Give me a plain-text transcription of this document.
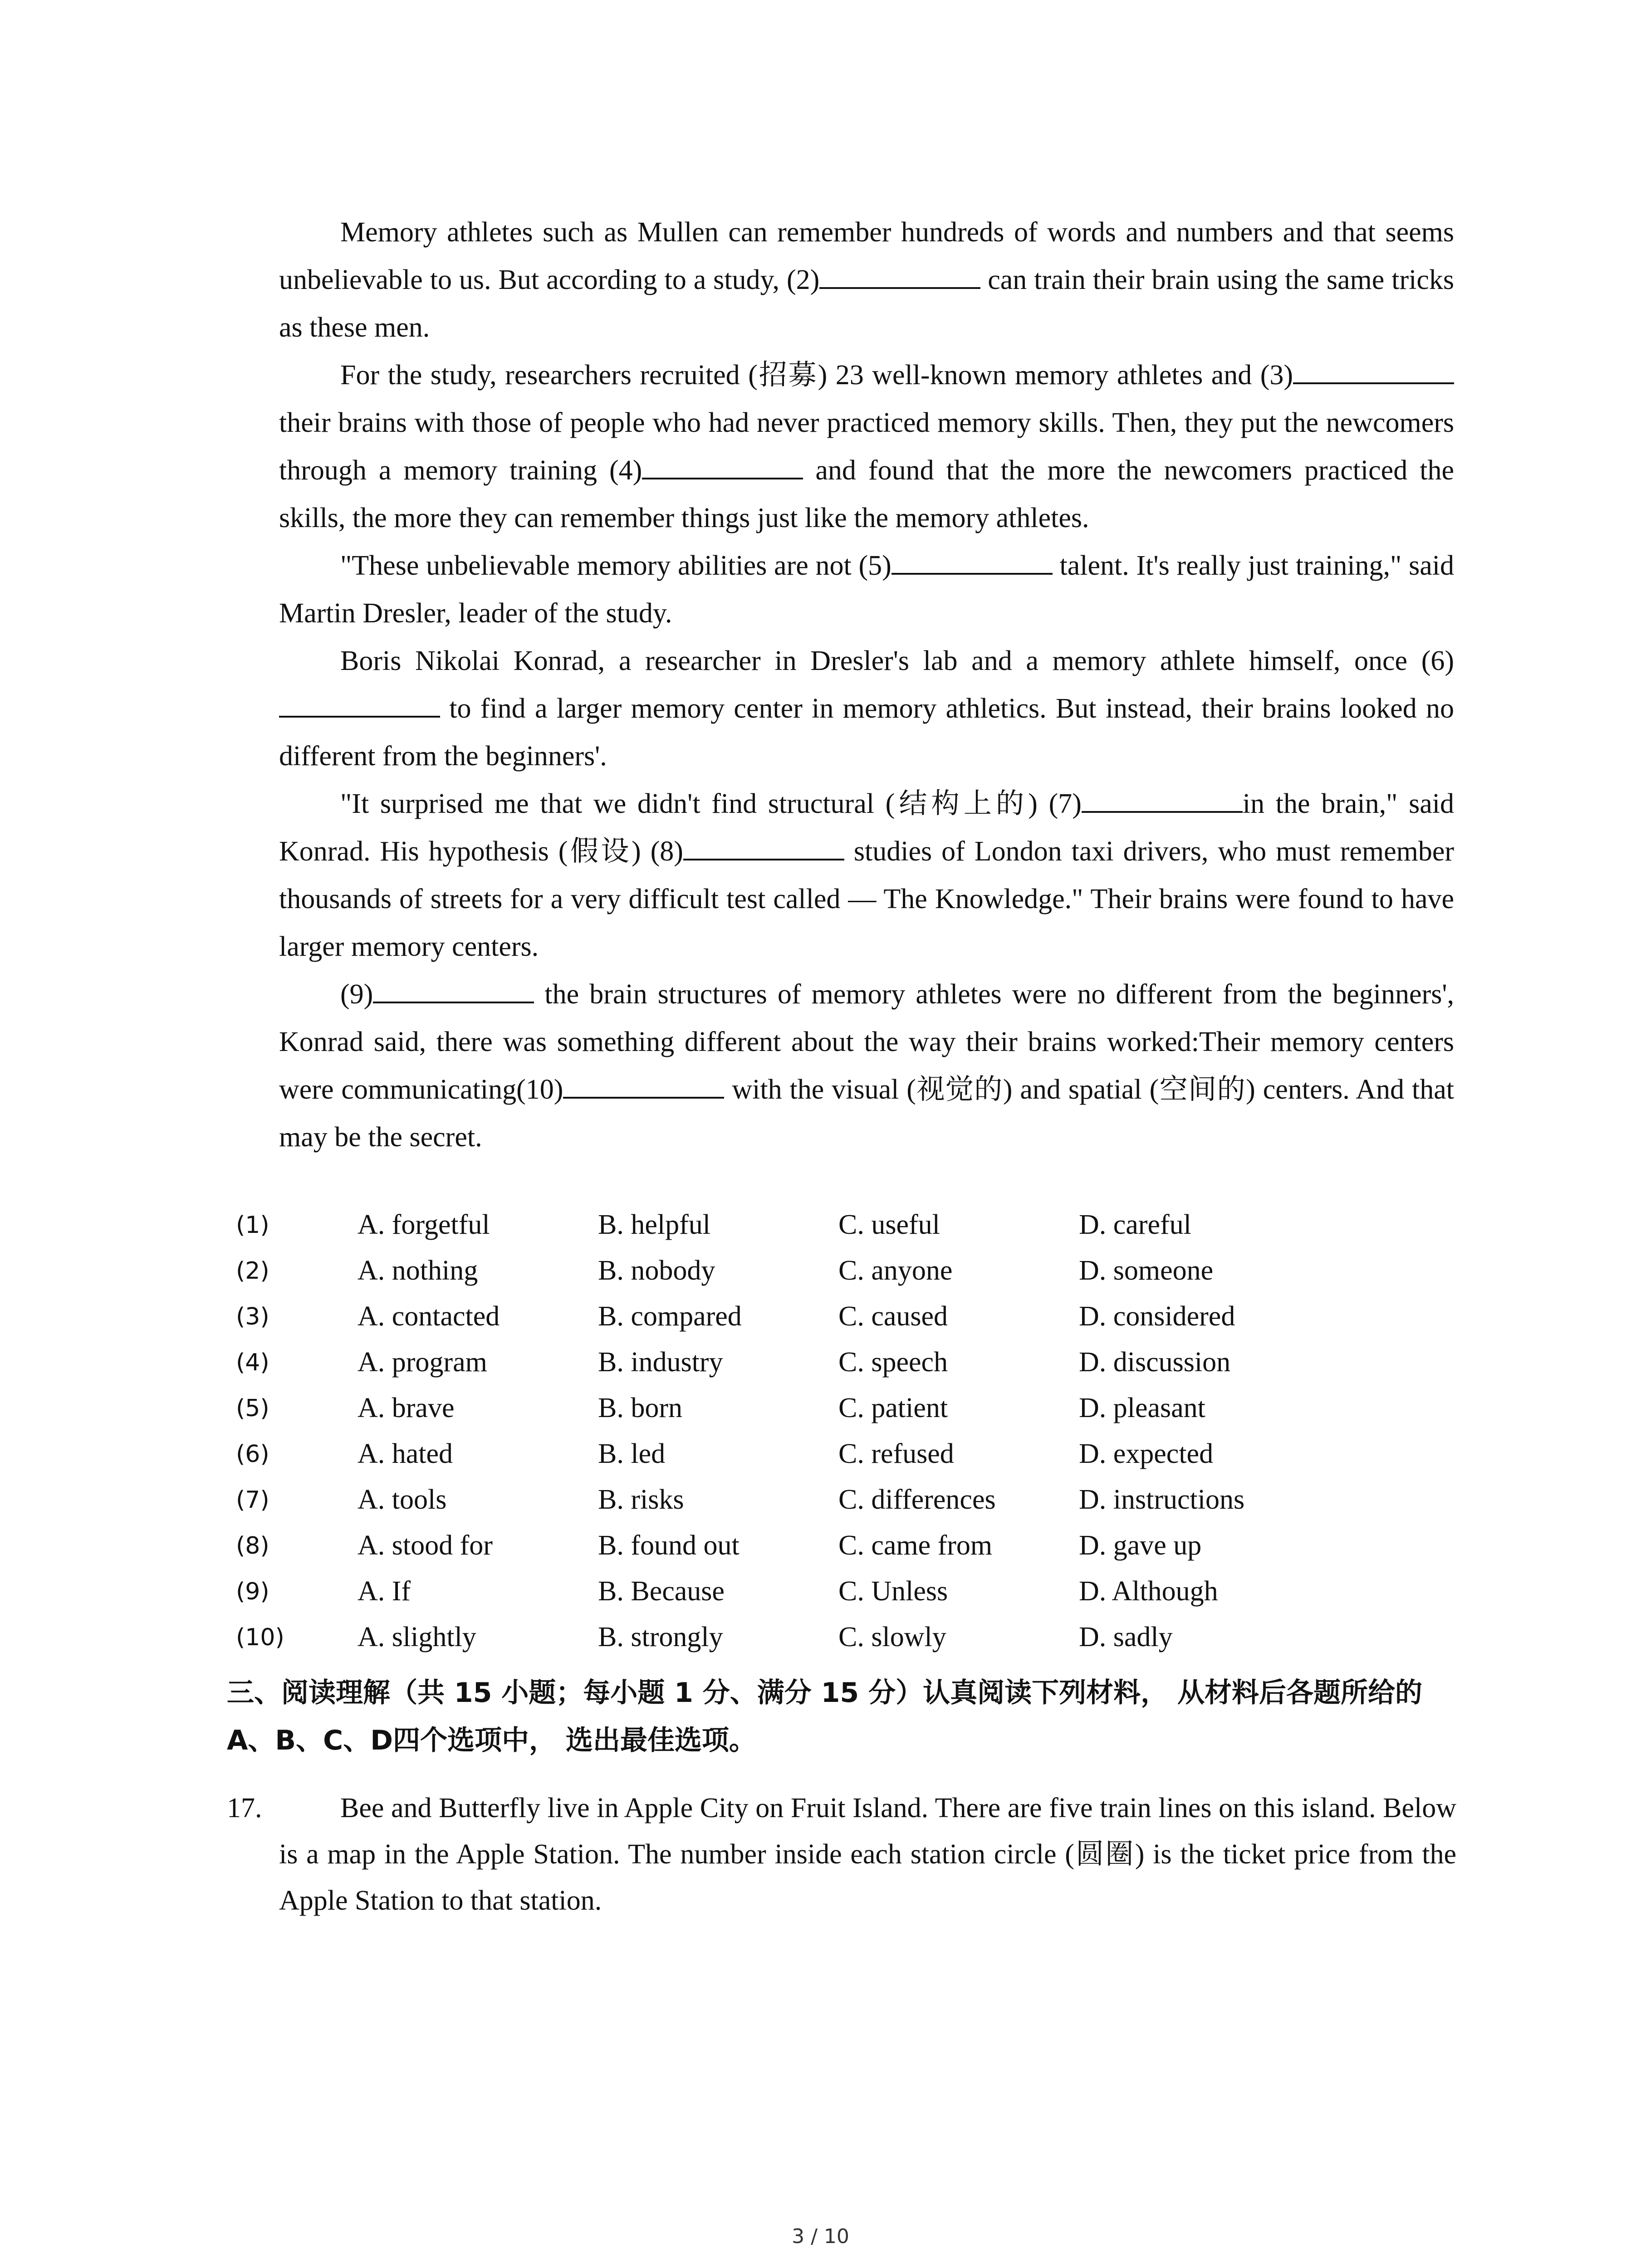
Memory athletes such as Mullen can remember hundreds of words and numbers and that seems unbelievable to us. But according to a study, (2)	can train their brain using the same tricks as these men.

For the study, researchers recruited (招募) 23 well-known memory athletes and (3) their brains with those of people who had never practiced memory skills. Then, they put the newcomers through a memory training (4)	and found that the more the newcomers practiced the skills, the more they can remember things just like the memory athletes.

"These unbelievable memory abilities are not (5)	talent. It's really just training," said Martin Dresler, leader of the study.

Boris Nikolai Konrad, a researcher in Dresler's lab and a memory athlete himself, once (6) to find a larger memory center in memory athletics. But instead, their brains looked no different from the beginners'.

"It surprised me that we didn't find structural (结构上的) (7)	in the brain," said Konrad. His hypothesis (假设) (8)	studies of London taxi drivers, who must remember thousands of streets for a very difficult test called — The Knowledge." Their brains were found to have larger memory centers.

(9)	the brain structures of memory athletes were no different from the beginners', Konrad said, there was something different about the way their brains worked:Their memory centers were communicating(10)	with the visual (视觉的) and spatial (空间的) centers. And that may be the secret.

(1)	A. forgetful	B. helpful	C. useful	D. careful
(2)	A. nothing	B. nobody	C. anyone	D. someone
(3)	A. contacted	B. compared	C. caused	D. considered
(4)	A. program	B. industry	C. speech	D. discussion
(5)	A. brave	B. born	C. patient	D. pleasant
(6)	A. hated	B. led	C. refused	D. expected
(7)	A. tools	B. risks	C. differences	D. instructions
(8)	A. stood for	B. found out	C. came from	D. gave up
(9)	A. If	B. Because	C. Unless	D. Although
(10)	A. slightly	B. strongly	C. slowly	D. sadly

三、阅读理解（共 15 小题；每小题 1 分、满分 15 分）认真阅读下列材料， 从材料后各题所给的 A、B、C、D四个选项中， 选出最佳选项。

17.	Bee and Butterfly live in Apple City on Fruit Island. There are five train lines on this island. Below is a map in the Apple Station. The number inside each station circle (圆圈) is the ticket price from the Apple Station to that station.

3 / 10
